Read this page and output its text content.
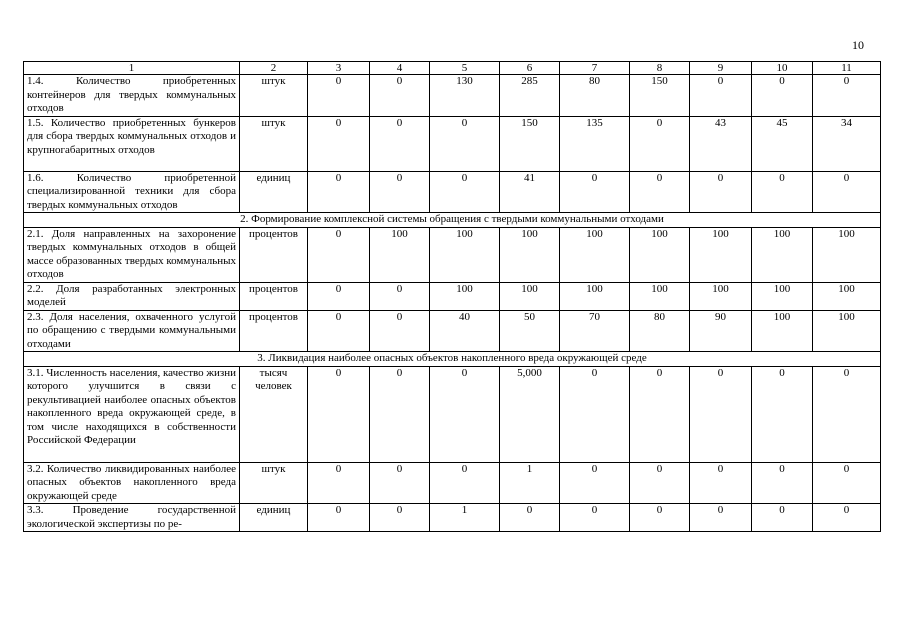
10
1	2	3	4	5	6	7	8	9	10	11
1.4. Количество приобретенных контейнеров для твердых коммунальных отходов	штук	0	0	130	285	80	150	0	0	0
1.5. Количество приобретенных бункеров для сбора твердых коммунальных отходов и крупногабаритных отходов	штук	0	0	0	150	135	0	43	45	34
1.6. Количество приобретенной специализированной техники для сбора твердых коммунальных отходов	единиц	0	0	0	41	0	0	0	0	0
2. Формирование комплексной системы обращения с твердыми коммунальными отходами										
2.1. Доля направленных на захоронение твердых коммунальных отходов в общей массе образованных твердых коммунальных отходов	процентов	0	100	100	100	100	100	100	100	100
2.2. Доля разработанных электронных моделей	процентов	0	0	100	100	100	100	100	100	100
2.3. Доля населения, охваченного услугой по обращению с твердыми коммунальными отходами	процентов	0	0	40	50	70	80	90	100	100
3. Ликвидация наиболее опасных объектов накопленного вреда окружающей среде										
3.1. Численность населения, качество жизни которого улучшится в связи с рекультивацией наиболее опасных объектов накопленного вреда окружающей среде, в том числе находящихся в собственности Российской Федерации	тысяч человек	0	0	0	5,000	0	0	0	0	0
3.2. Количество ликвидированных наиболее опасных объектов накопленного вреда окружающей среде	штук	0	0	0	1	0	0	0	0	0
3.3. Проведение государственной экологической экспертизы по ре-	единиц	0	0	1	0	0	0	0	0	0
